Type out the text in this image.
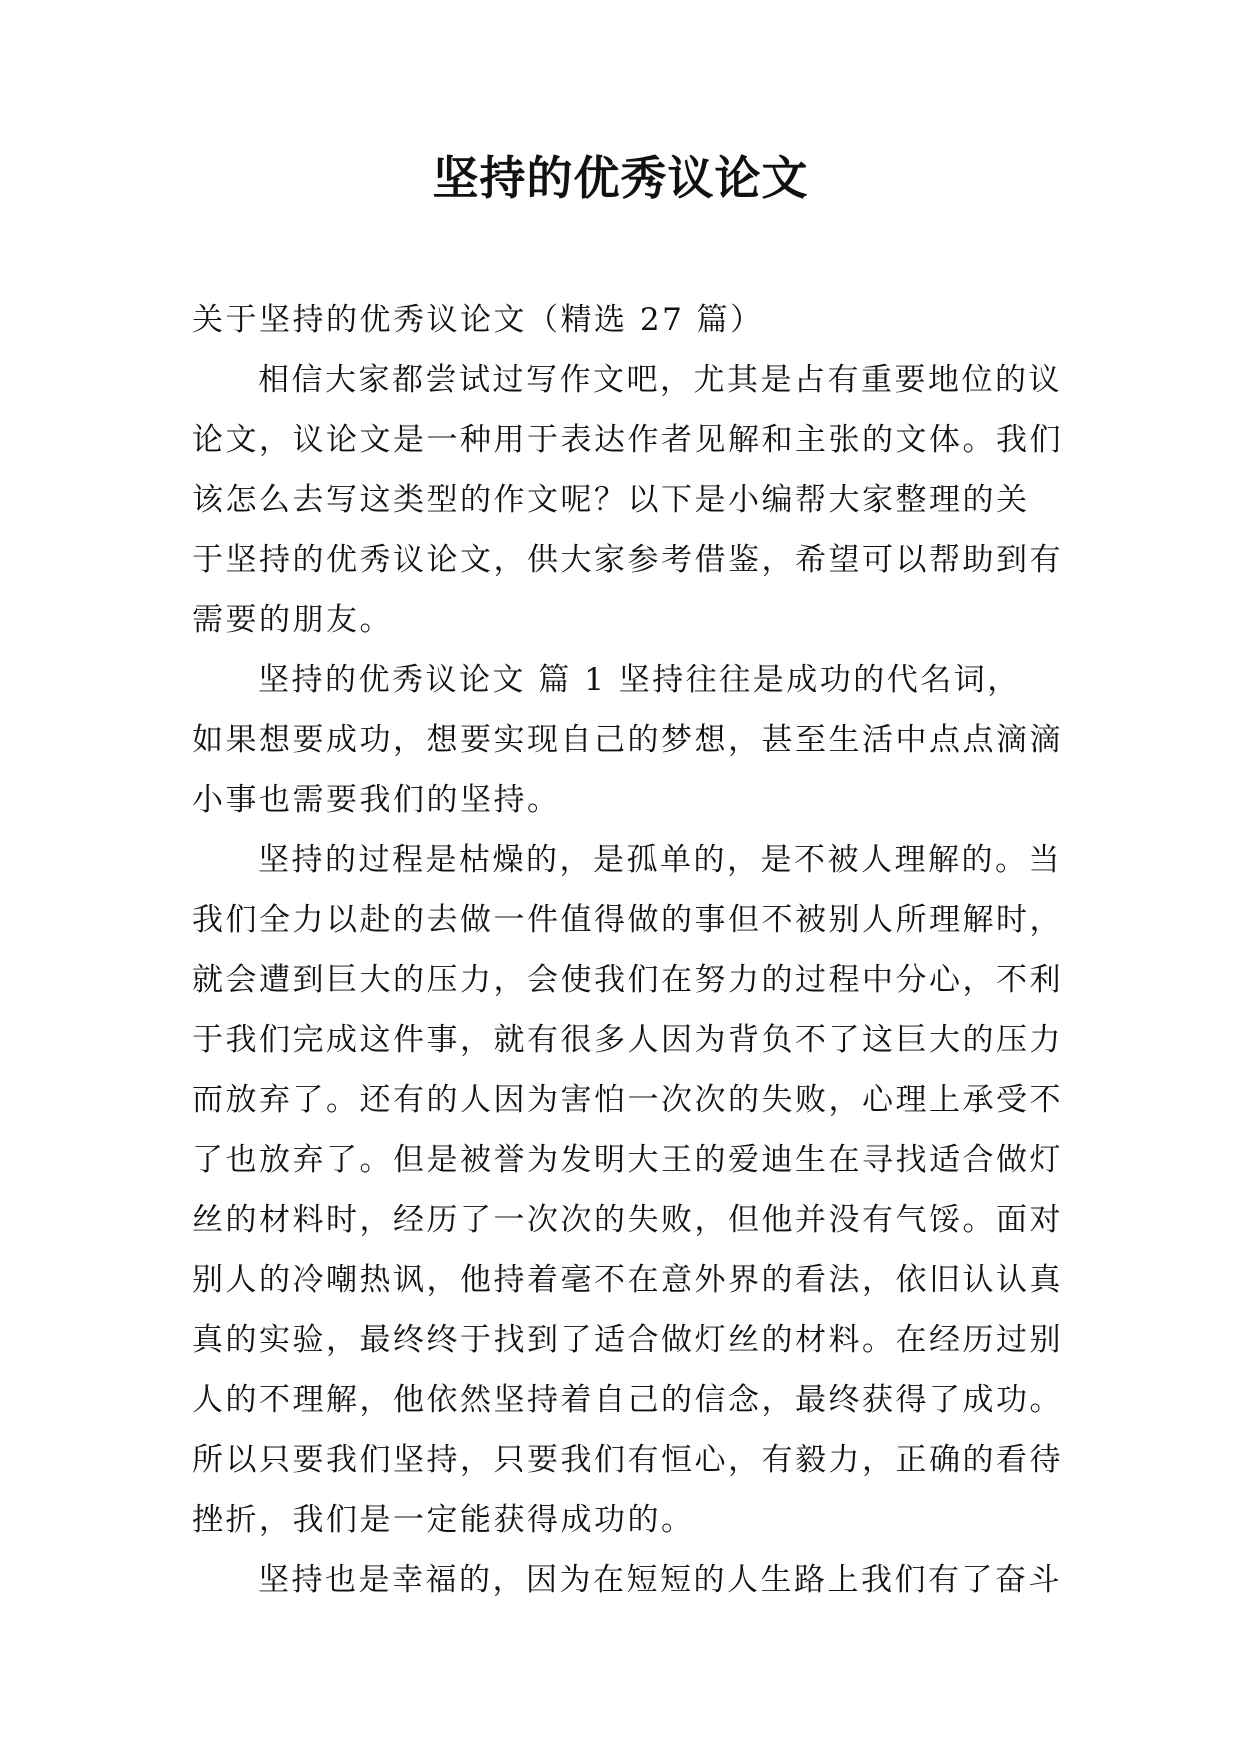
坚持的优秀议论文
关于坚持的优秀议论文（精选 27 篇）
相信大家都尝试过写作文吧，尤其是占有重要地位的议
论文，议论文是一种用于表达作者见解和主张的文体。我们
该怎么去写这类型的作文呢？以下是小编帮大家整理的关
于坚持的优秀议论文，供大家参考借鉴，希望可以帮助到有
需要的朋友。
坚持的优秀议论文 篇 1 坚持往往是成功的代名词，
如果想要成功，想要实现自己的梦想，甚至生活中点点滴滴
小事也需要我们的坚持。
坚持的过程是枯燥的，是孤单的，是不被人理解的。当
我们全力以赴的去做一件值得做的事但不被别人所理解时，
就会遭到巨大的压力，会使我们在努力的过程中分心，不利
于我们完成这件事，就有很多人因为背负不了这巨大的压力
而放弃了。还有的人因为害怕一次次的失败，心理上承受不
了也放弃了。但是被誉为发明大王的爱迪生在寻找适合做灯
丝的材料时，经历了一次次的失败，但他并没有气馁。面对
别人的冷嘲热讽，他持着毫不在意外界的看法，依旧认认真
真的实验，最终终于找到了适合做灯丝的材料。在经历过别
人的不理解，他依然坚持着自己的信念，最终获得了成功。
所以只要我们坚持，只要我们有恒心，有毅力，正确的看待
挫折，我们是一定能获得成功的。
坚持也是幸福的，因为在短短的人生路上我们有了奋斗
